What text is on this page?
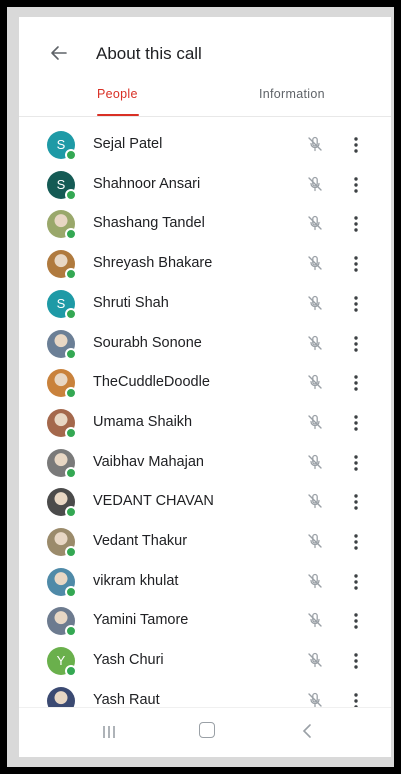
About this call
People	Information
S	Sejal Patel
S	Shahnoor Ansari
Shashang Tandel
Shreyash Bhakare
S	Shruti Shah
Sourabh Sonone
TheCuddleDoodle
Umama Shaikh
Vaibhav Mahajan
VEDANT CHAVAN
Vedant Thakur
vikram khulat
Yamini Tamore
Y	Yash Churi
Yash Raut
